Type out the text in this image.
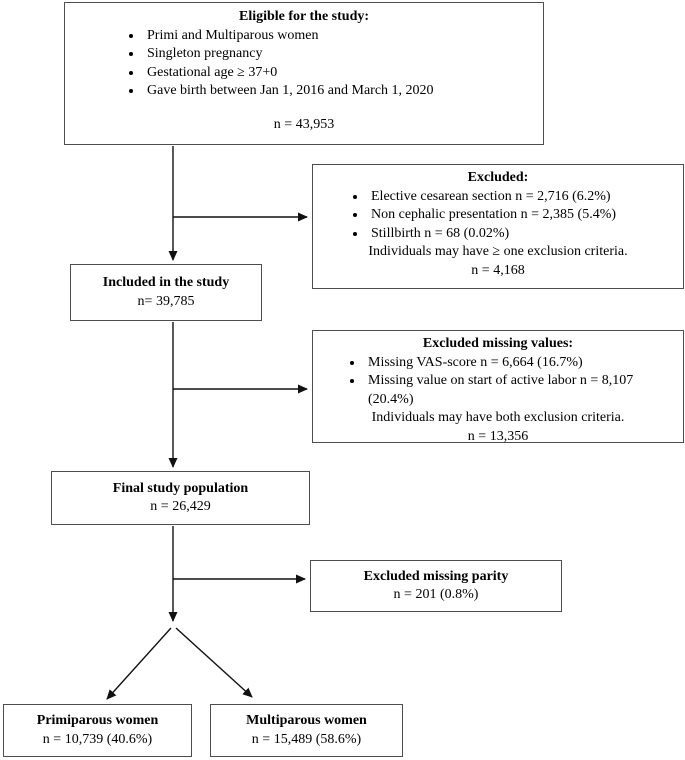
Eligible for the study:
• Primi and Multiparous women
• Singleton pregnancy
• Gestational age ≥ 37+0
• Gave birth between Jan 1, 2016 and March 1, 2020
n = 43,953
Excluded:
• Elective cesarean section n = 2,716 (6.2%)
• Non cephalic presentation n = 2,385 (5.4%)
• Stillbirth n = 68 (0.02%)
Individuals may have ≥ one exclusion criteria.
n = 4,168
Included in the study
n= 39,785
Excluded missing values:
• Missing VAS-score n = 6,664 (16.7%)
• Missing value on start of active labor n = 8,107 (20.4%)
Individuals may have both exclusion criteria.
n = 13,356
Final study population
n = 26,429
Excluded missing parity
n = 201 (0.8%)
Primiparous women
n = 10,739 (40.6%)
Multiparous women
n = 15,489 (58.6%)
